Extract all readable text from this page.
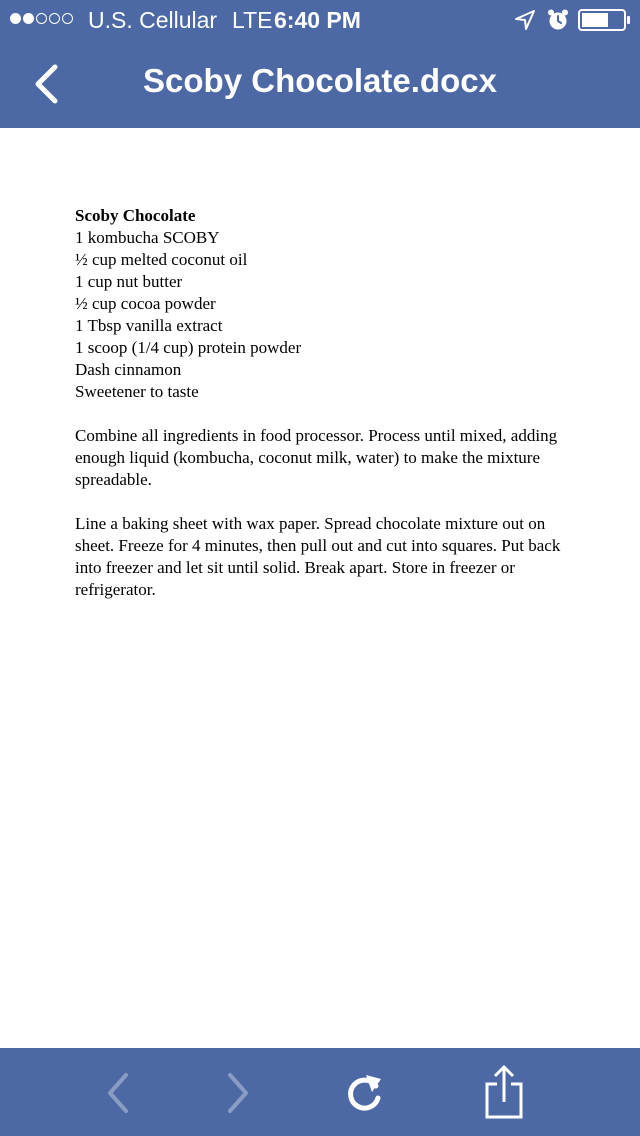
U.S. Cellular LTE 6:40 PM
Scoby Chocolate.docx
Scoby Chocolate
1 kombucha SCOBY
½ cup melted coconut oil
1 cup nut butter
½ cup cocoa powder
1 Tbsp vanilla extract
1 scoop (1/4 cup) protein powder
Dash cinnamon
Sweetener to taste
Combine all ingredients in food processor. Process until mixed, adding enough liquid (kombucha, coconut milk, water) to make the mixture spreadable.
Line a baking sheet with wax paper. Spread chocolate mixture out on sheet. Freeze for 4 minutes, then pull out and cut into squares. Put back into freezer and let sit until solid. Break apart. Store in freezer or refrigerator.
